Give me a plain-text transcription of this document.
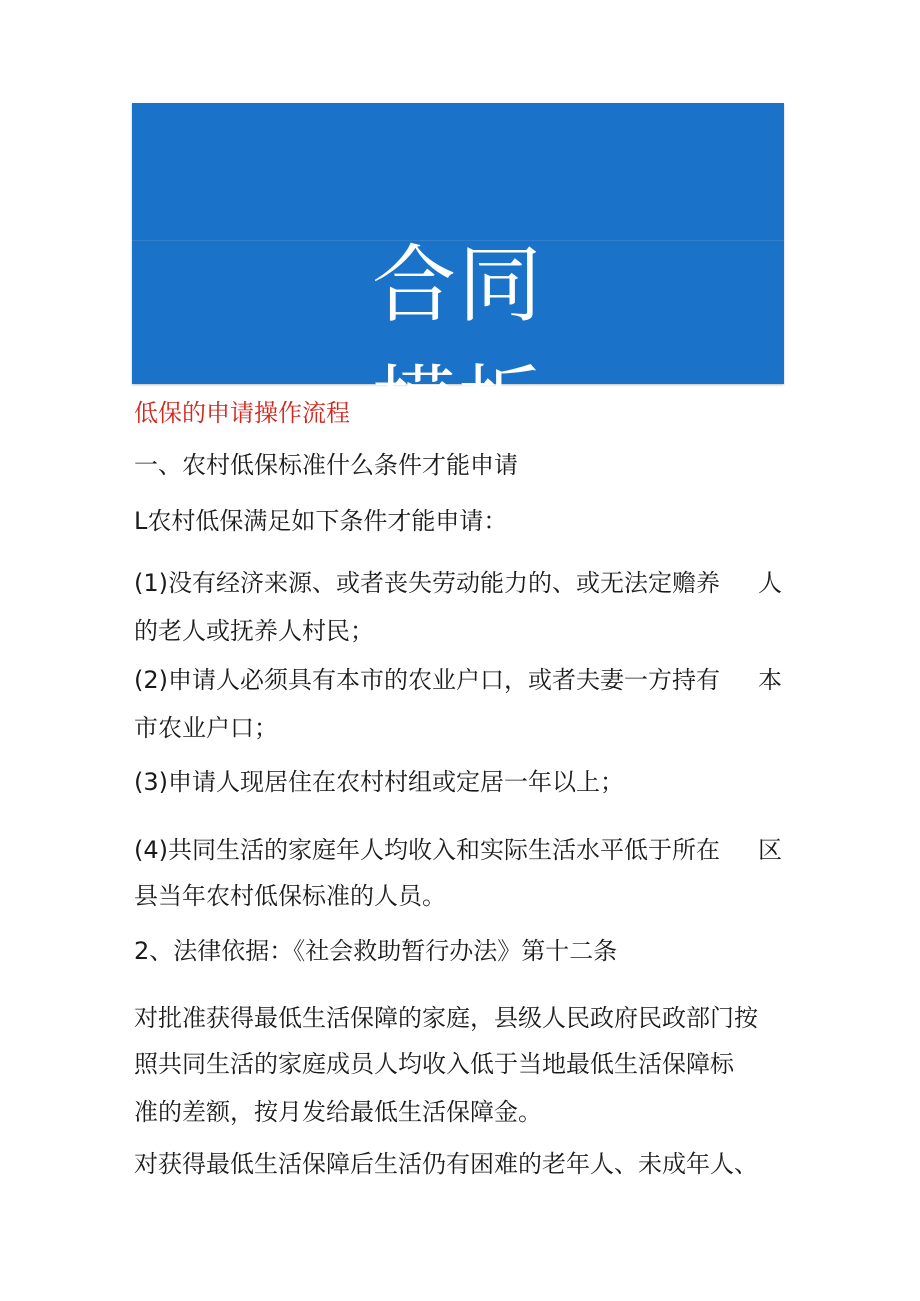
合同
模板
低保的申请操作流程
一、农村低保标准什么条件才能申请
L农村低保满足如下条件才能申请：
(1)没有经济来源、或者丧失劳动能力的、或无法定赡养 人
的老人或抚养人村民；
(2)申请人必须具有本市的农业户口，或者夫妻一方持有 本
市农业户口；
(3)申请人现居住在农村村组或定居一年以上；
(4)共同生活的家庭年人均收入和实际生活水平低于所在 区
县当年农村低保标准的人员。
2、法律依据：《社会救助暂行办法》第十二条
对批准获得最低生活保障的家庭，县级人民政府民政部门按
照共同生活的家庭成员人均收入低于当地最低生活保障标
准的差额，按月发给最低生活保障金。
对获得最低生活保障后生活仍有困难的老年人、未成年人、
